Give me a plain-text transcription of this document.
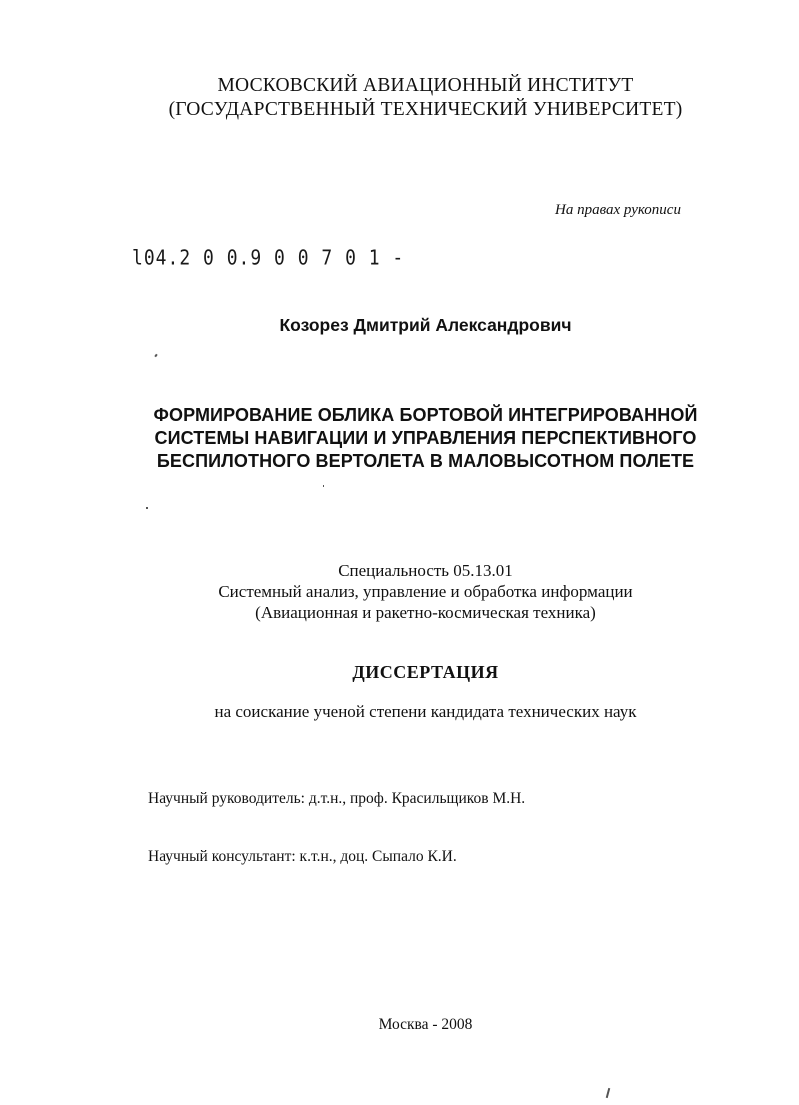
МОСКОВСКИЙ АВИАЦИОННЫЙ ИНСТИТУТ
(ГОСУДАРСТВЕННЫЙ ТЕХНИЧЕСКИЙ УНИВЕРСИТЕТ)
На правах рукописи
l04.2 0 0.9 0 0 7 0 1 -
Козорез Дмитрий Александрович
ФОРМИРОВАНИЕ ОБЛИКА БОРТОВОЙ ИНТЕГРИРОВАННОЙ
СИСТЕМЫ НАВИГАЦИИ И УПРАВЛЕНИЯ ПЕРСПЕКТИВНОГО
БЕСПИЛОТНОГО ВЕРТОЛЕТА В МАЛОВЫСОТНОМ ПОЛЕТЕ
Специальность 05.13.01
Системный анализ, управление и обработка информации
(Авиационная и ракетно-космическая техника)
ДИССЕРТАЦИЯ
на соискание ученой степени кандидата технических наук
Научный руководитель: д.т.н., проф. Красильщиков М.Н.
Научный консультант: к.т.н., доц. Сыпало К.И.
Москва - 2008
